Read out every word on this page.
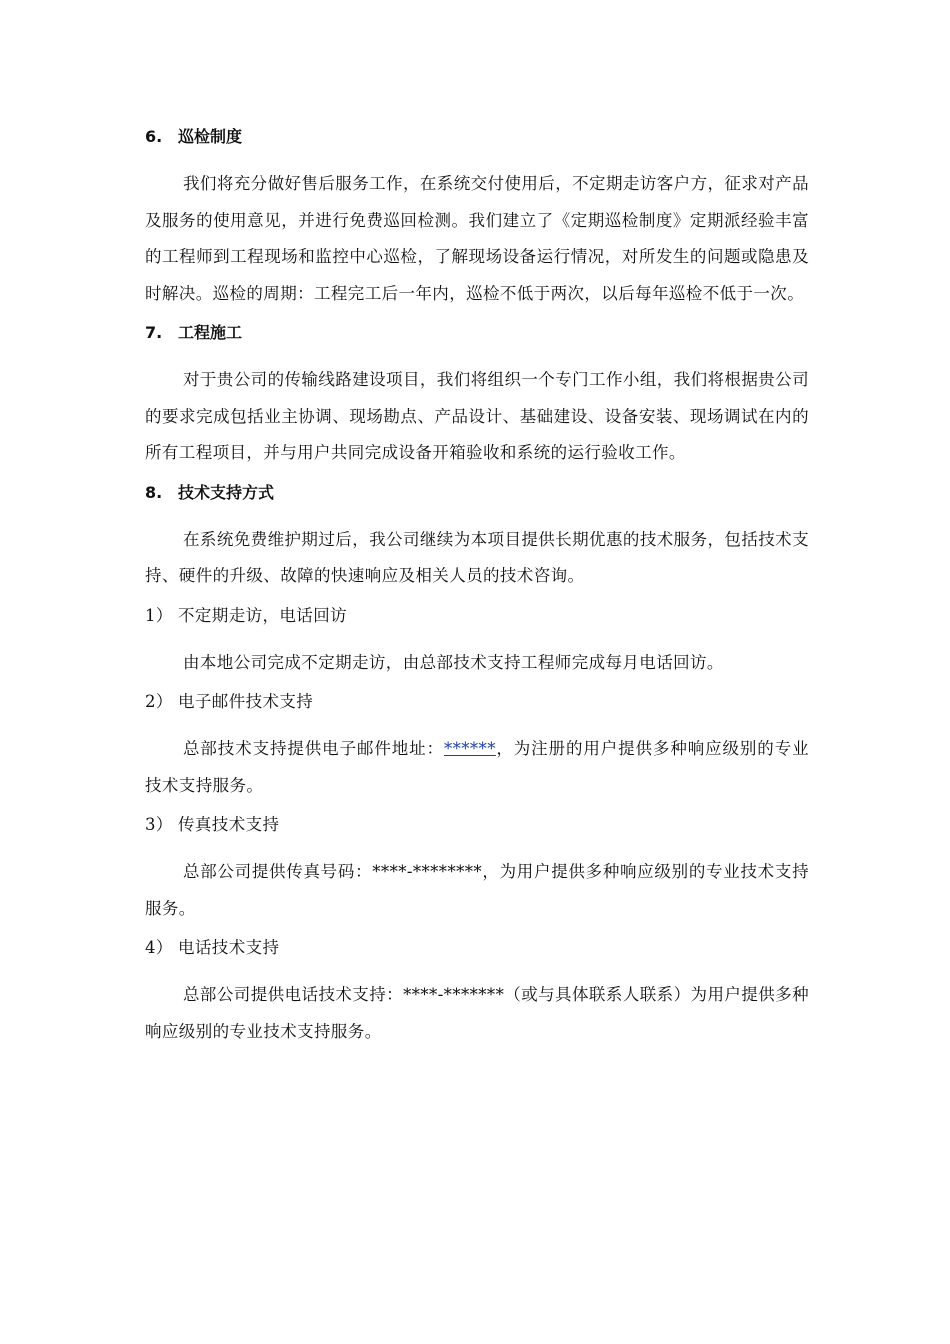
6. 巡检制度

我们将充分做好售后服务工作，在系统交付使用后，不定期走访客户方，征求对产品及服务的使用意见，并进行免费巡回检测。我们建立了《定期巡检制度》定期派经验丰富的工程师到工程现场和监控中心巡检，了解现场设备运行情况，对所发生的问题或隐患及时解决。巡检的周期：工程完工后一年内，巡检不低于两次，以后每年巡检不低于一次。

7. 工程施工

对于贵公司的传输线路建设项目，我们将组织一个专门工作小组，我们将根据贵公司的要求完成包括业主协调、现场勘点、产品设计、基础建设、设备安装、现场调试在内的所有工程项目，并与用户共同完成设备开箱验收和系统的运行验收工作。

8. 技术支持方式

在系统免费维护期过后，我公司继续为本项目提供长期优惠的技术服务，包括技术支持、硬件的升级、故障的快速响应及相关人员的技术咨询。

1） 不定期走访，电话回访

由本地公司完成不定期走访，由总部技术支持工程师完成每月电话回访。

2） 电子邮件技术支持

总部技术支持提供电子邮件地址：******，为注册的用户提供多种响应级别的专业技术支持服务。

3） 传真技术支持

总部公司提供传真号码：****-********，为用户提供多种响应级别的专业技术支持服务。

4） 电话技术支持

总部公司提供电话技术支持：****-*******（或与具体联系人联系）为用户提供多种响应级别的专业技术支持服务。
